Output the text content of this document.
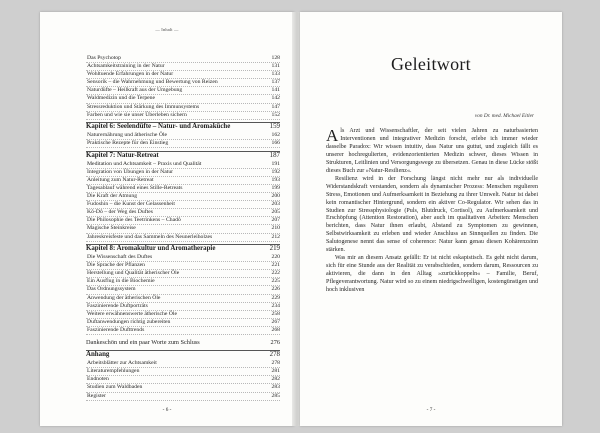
— Inhalt —
Das Psychotop	128
Achtsamkeitstraining in der Natur	131
Wohltuende Erfahrungen in der Natur	133
Sensorik – die Wahrnehmung und Bewertung von Reizen	137
Naturdüfte – Heilkraft aus der Umgebung	141
Waldmedizin und die Terpene	142
Stressreduktion und Stärkung des Immunsystems	147
Farben und wie sie unser Überleben sichern	152
Kapitel 6: Seelendüfte – Natur- und Aromaküche	159
Naturernährung und ätherische Öle	162
Praktische Rezepte für den Einstieg	166
Kapitel 7: Natur-Retreat	187
Meditation und Achtsamkeit – Praxis und Qualität	191
Integration von Übungen in der Natur	192
Anleitung zum Natur-Retreat	193
Tagesablauf während eines Stille-Retreats	199
Die Kraft der Atmung	200
Fudoshin – die Kunst der Gelassenheit	203
Kô-Dô – der Weg des Duftes	205
Die Philosophie des Teetrinkens – Chadô	207
Magische Steinkreise	210
Jahreskreisfeste und das Sammeln des Neunerleiholzes	212
Kapitel 8: Aromakultur und Aromatherapie	219
Die Wissenschaft des Duftes	220
Die Sprache der Pflanzen	221
Herstellung und Qualität ätherischer Öle	222
Ein Ausflug in die Biochemie	225
Das Ordnungssystem	226
Anwendung der ätherischen Öle	229
Faszinierende Duftporträts	234
Weitere erwähnenswerte ätherische Öle	258
Duftanwendungen richtig zubereiten	267
Faszinierende Dufttrends	268
Dankeschön und ein paar Worte zum Schluss	276
Anhang	278
Arbeitsblätter zur Achtsamkeit	278
Literaturempfehlungen	281
Endnoten	282
Studien zum Waldbaden	283
Register	285
- 6 -
Geleitwort
von Dr. med. Michael Eitler

Als Arzt und Wissenschaftler, der seit vielen Jahren zu naturbasierten Interventionen und integrativer Medizin forscht, erlebe ich immer wieder dasselbe Paradox: Wir wissen intuitiv, dass Natur uns guttut, und zugleich fällt es unserer hochregulierten, evidenzorientierten Medizin schwer, dieses Wissen in Strukturen, Leitlinien und Versorgungswege zu übersetzen. Genau in diese Lücke stößt dieses Buch zur »Natur-Resilienz«.

Resilienz wird in der Forschung längst nicht mehr nur als individuelle Widerstandskraft verstanden, sondern als dynamischer Prozess: Menschen regulieren Stress, Emotionen und Aufmerksamkeit in Beziehung zu ihrer Umwelt. Natur ist dabei kein romantischer Hintergrund, sondern ein aktiver Co-Regulator. Wir sehen das in Studien zur Stressphysiologie (Puls, Blutdruck, Cortisol), zu Aufmerksamkeit und Erschöpfung (Attention Restoration), aber auch im qualitativen Arbeiten: Menschen berichten, dass Natur ihnen erlaubt, Abstand zu Symptomen zu gewinnen, Selbstwirksamkeit zu erleben und wieder Anschluss an Sinnquellen zu finden. Die Salutogenese nennt das sense of coherence: Natur kann genau diesen Kohärenzsinn stärken.

Was mir an diesem Ansatz gefällt: Er ist nicht eskapistisch. Es geht nicht darum, sich für eine Stunde aus der Realität zu verabschieden, sondern darum, Ressourcen zu aktivieren, die dann in den Alltag »zurückkoppeln« – Familie, Beruf, Pflegeverantwortung. Natur wird so zu einem niedrigschwelligen, kostengünstigen und hoch inklusiven

- 7 -
